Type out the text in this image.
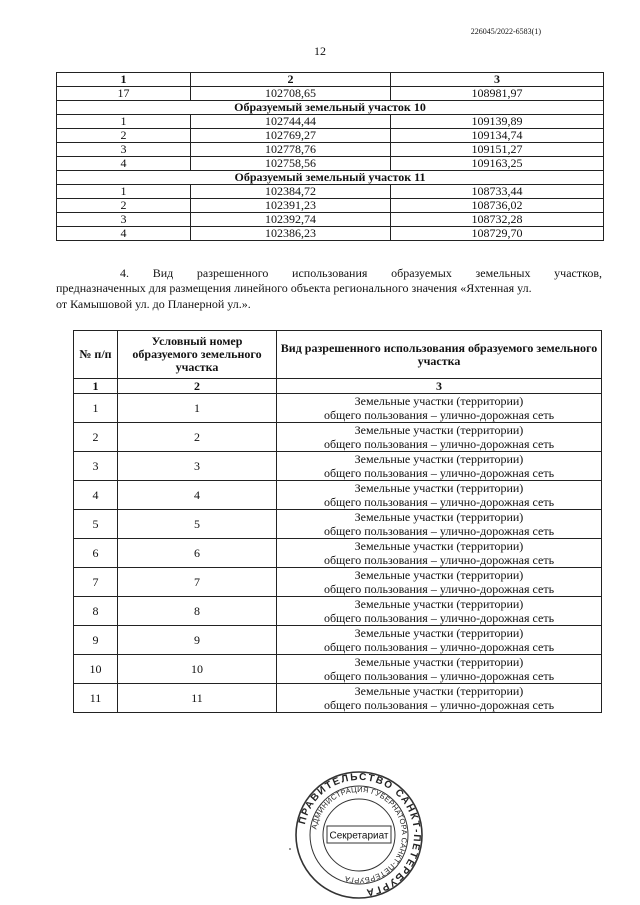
226045/2022-6583(1)
12
1	2	3
17	102708,65	108981,97
Образуемый земельный участок 10		
1	102744,44	109139,89
2	102769,27	109134,74
3	102778,76	109151,27
4	102758,56	109163,25
Образуемый земельный участок 11		
1	102384,72	108733,44
2	102391,23	108736,02
3	102392,74	108732,28
4	102386,23	108729,70
4. Вид разрешенного использования образуемых земельных участков,
предназначенных для размещения линейного объекта регионального значения «Яхтенная ул.
от Камышовой ул. до Планерной ул.».
№ п/п	Условный номер образуемого земельного участка	Вид разрешенного использования образуемого земельного участка
1	2	3
1	1	Земельные участки (территории)
общего пользования – улично-дорожная сеть

2	2	Земельные участки (территории)
общего пользования – улично-дорожная сеть

3	3	Земельные участки (территории)
общего пользования – улично-дорожная сеть

4	4	Земельные участки (территории)
общего пользования – улично-дорожная сеть

5	5	Земельные участки (территории)
общего пользования – улично-дорожная сеть

6	6	Земельные участки (территории)
общего пользования – улично-дорожная сеть

7	7	Земельные участки (территории)
общего пользования – улично-дорожная сеть

8	8	Земельные участки (территории)
общего пользования – улично-дорожная сеть

9	9	Земельные участки (территории)
общего пользования – улично-дорожная сеть

10	10	Земельные участки (территории)
общего пользования – улично-дорожная сеть

11	11	Земельные участки (территории)
общего пользования – улично-дорожная сеть
ПРАВИТЕЛЬСТВО САНКТ-ПЕТЕРБУРГА
АДМИНИСТРАЦИЯ ГУБЕРНАТОРА САНКТ-ПЕТЕРБУРГА
Секретариат
